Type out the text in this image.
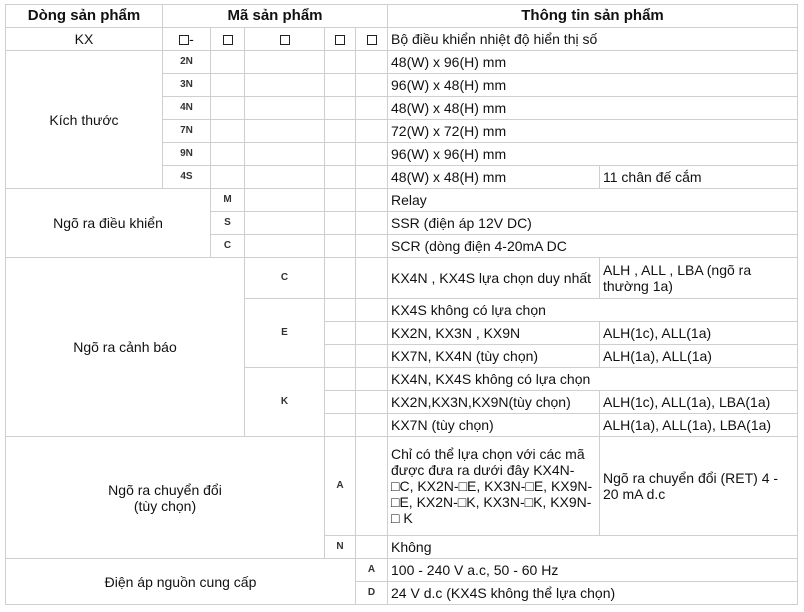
Dòng sản phẩm	Mã sản phẩm					Thông tin sản phẩm	
KX	-					Bộ điều khiển nhiệt độ hiển thị số	
Kích thước	2N					48(W) x 96(H) mm	
	3N					96(W) x 48(H) mm	
	4N					48(W) x 48(H) mm	
	7N					72(W) x 72(H) mm	
	9N					96(W) x 96(H) mm	
	4S					48(W) x 48(H) mm	11 chân đế cắm
Ngõ ra điều khiển		M				Relay	
		S				SSR (điện áp 12V DC)	
		C				SCR (dòng điện 4-20mA DC	
Ngõ ra cảnh báo			C			KX4N , KX4S lựa chọn duy nhất	ALH , ALL , LBA (ngõ ra thường 1a)
			E			KX4S không có lựa chọn	
						KX2N, KX3N , KX9N	ALH(1c), ALL(1a)
						KX7N, KX4N (tùy chọn)	ALH(1a), ALL(1a)
			K			KX4N, KX4S không có lựa chọn	
						KX2N,KX3N,KX9N(tùy chọn)	ALH(1c), ALL(1a), LBA(1a)
						KX7N (tùy chọn)	ALH(1a), ALL(1a), LBA(1a)
Ngõ ra chuyển đổi
(tùy chọn)				A		Chỉ có thể lựa chọn với các mã được đưa ra dưới đây KX4N-□C, KX2N-□E, KX3N-□E, KX9N-□E, KX2N-□K, KX3N-□K, KX9N-□ K	Ngõ ra chuyển đổi (RET) 4 - 20 mA d.c
				N		Không	
Điện áp nguồn cung cấp					A	100 - 240 V a.c, 50 - 60 Hz	
					D	24 V d.c (KX4S không thể lựa chọn)	
